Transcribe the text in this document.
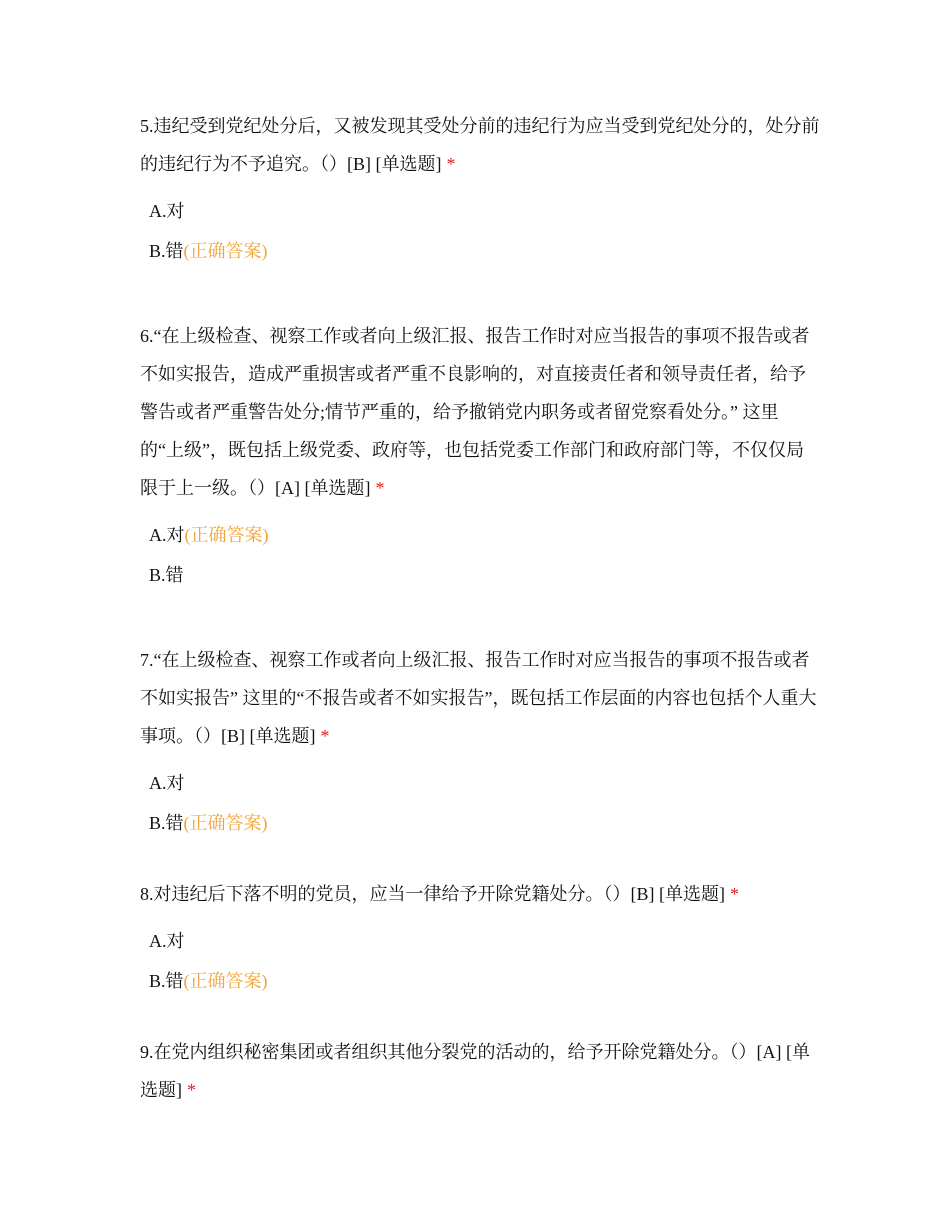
5.违纪受到党纪处分后，又被发现其受处分前的违纪行为应当受到党纪处分的，处分前的违纪行为不予追究。（）[B] [单选题] *

A.对
B.错(正确答案)

6.“在上级检查、视察工作或者向上级汇报、报告工作时对应当报告的事项不报告或者不如实报告，造成严重损害或者严重不良影响的，对直接责任者和领导责任者，给予警告或者严重警告处分;情节严重的，给予撤销党内职务或者留党察看处分。” 这里的“上级”，既包括上级党委、政府等，也包括党委工作部门和政府部门等，不仅仅局限于上一级。（）[A] [单选题] *

A.对(正确答案)
B.错

7.“在上级检查、视察工作或者向上级汇报、报告工作时对应当报告的事项不报告或者不如实报告” 这里的“不报告或者不如实报告”，既包括工作层面的内容也包括个人重大事项。（）[B] [单选题] *

A.对
B.错(正确答案)

8.对违纪后下落不明的党员，应当一律给予开除党籍处分。（）[B] [单选题] *

A.对
B.错(正确答案)

9.在党内组织秘密集团或者组织其他分裂党的活动的，给予开除党籍处分。（）[A] [单选题] *
